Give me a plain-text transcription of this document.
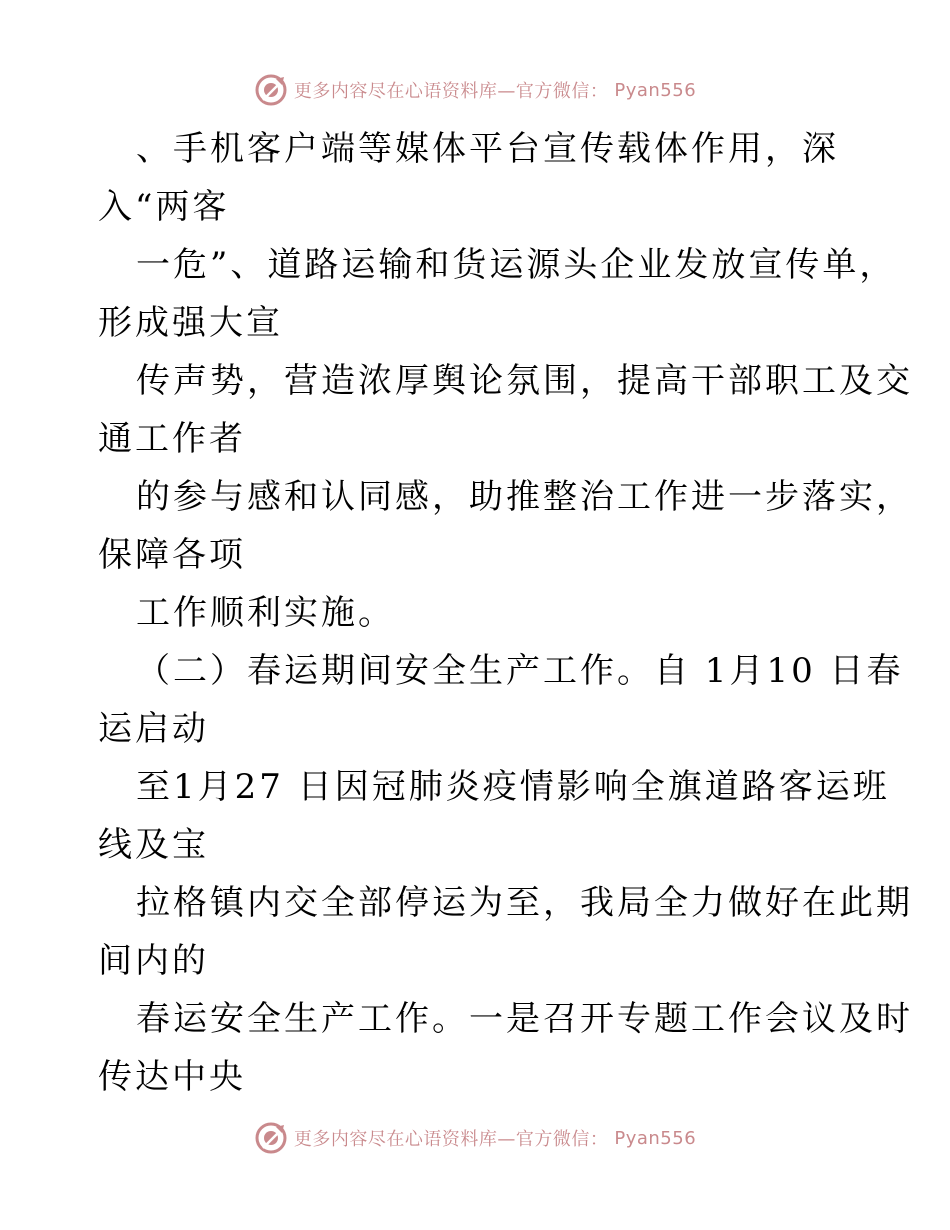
更多内容尽在心语资料库—官方微信： Pyan556
、手机客户端等媒体平台宣传载体作用，深
入“两客
一危”、道路运输和货运源头企业发放宣传单，
形成强大宣
传声势，营造浓厚舆论氛围，提高干部职工及交
通工作者
的参与感和认同感，助推整治工作进一步落实，
保障各项
工作顺利实施。
（二）春运期间安全生产工作。自 1月10 日春
运启动
至1月27 日因冠肺炎疫情影响全旗道路客运班
线及宝
拉格镇内交全部停运为至，我局全力做好在此期
间内的
春运安全生产工作。一是召开专题工作会议及时
传达中央
更多内容尽在心语资料库—官方微信： Pyan556
